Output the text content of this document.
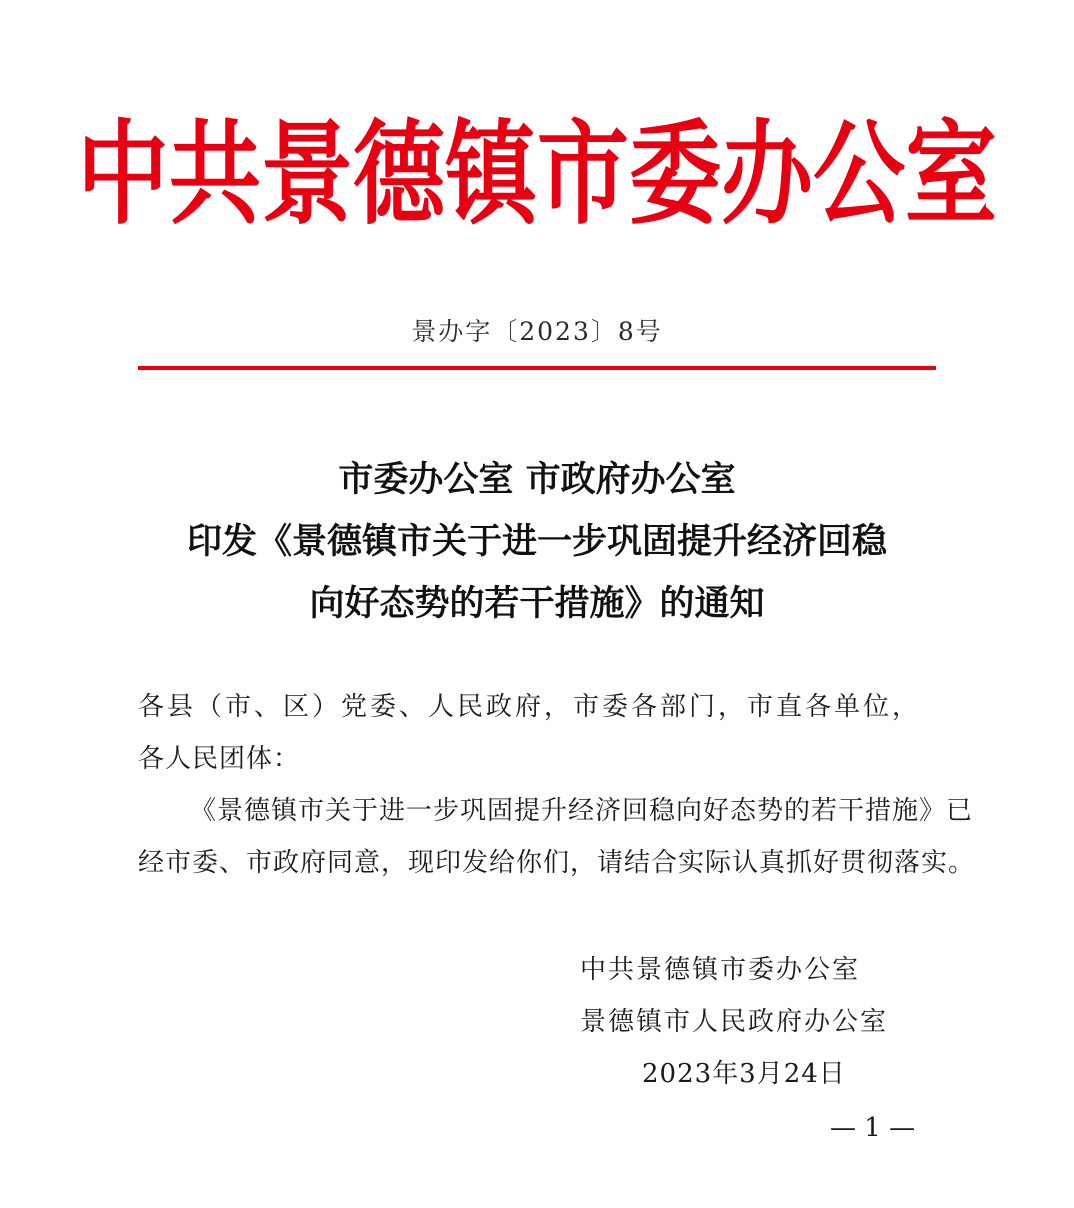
中共景德镇市委办公室
景办字〔2023〕8号
市委办公室 市政府办公室
印发《景德镇市关于进一步巩固提升经济回稳
向好态势的若干措施》的通知
各县（市、区）党委、人民政府，市委各部门，市直各单位，
各人民团体：
《景德镇市关于进一步巩固提升经济回稳向好态势的若干措施》已
经市委、市政府同意，现印发给你们，请结合实际认真抓好贯彻落实。
中共景德镇市委办公室
景德镇市人民政府办公室
2023年3月24日
— 1 —
